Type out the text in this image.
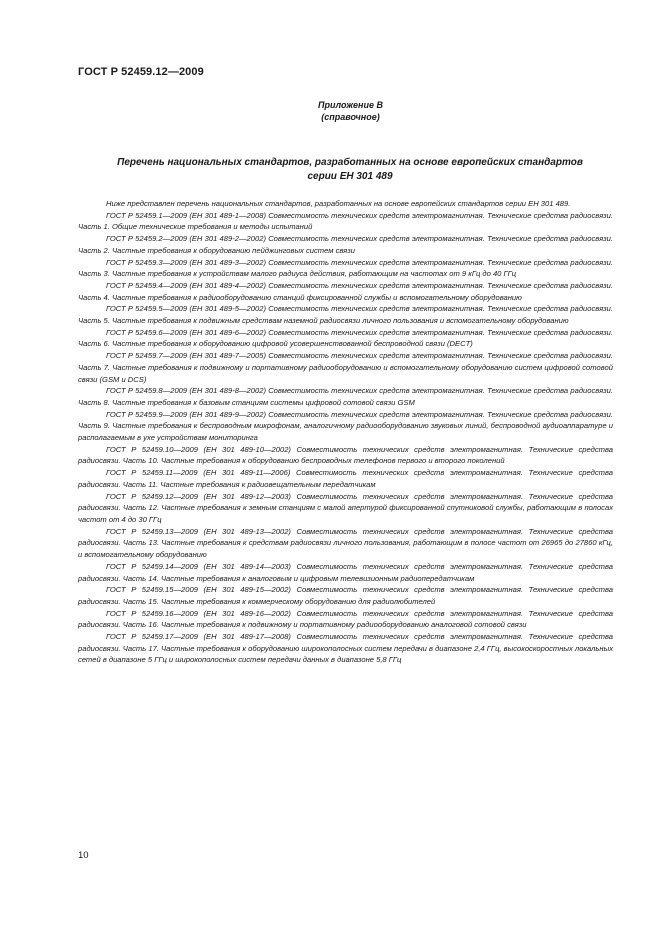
ГОСТ Р 52459.12—2009
Приложение В
(справочное)
Перечень национальных стандартов, разработанных на основе европейских стандартов
серии ЕН 301 489

Ниже представлен перечень национальных стандартов, разработанных на основе европейских стандартов серии ЕН 301 489.

ГОСТ Р 52459.1—2009 (ЕН 301 489-1—2008) Совместимость технических средств электромагнитная. Технические средства радиосвязи. Часть 1. Общие технические требования и методы испытаний

ГОСТ Р 52459.2—2009 (ЕН 301 489-2—2002) Совместимость технических средств электромагнитная. Технические средства радиосвязи. Часть 2. Частные требования к оборудованию пейджинговых систем связи

ГОСТ Р 52459.3—2009 (ЕН 301 489-3—2002) Совместимость технических средств электромагнитная. Технические средства радиосвязи. Часть 3. Частные требования к устройствам малого радиуса действия, работающим на частотах от 9 кГц до 40 ГГц

ГОСТ Р 52459.4—2009 (ЕН 301 489-4—2002) Совместимость технических средств электромагнитная. Технические средства радиосвязи. Часть 4. Частные требования к радиооборудованию станций фиксированной службы и вспомогательному оборудованию

ГОСТ Р 52459.5—2009 (ЕН 301 489-5—2002) Совместимость технических средств электромагнитная. Технические средства радиосвязи. Часть 5. Частные требования к подвижным средствам наземной радиосвязи личного пользования и вспомогательному оборудованию

ГОСТ Р 52459.6—2009 (ЕН 301 489-6—2002) Совместимость технических средств электромагнитная. Технические средства радиосвязи. Часть 6. Частные требования к оборудованию цифровой усовершенствованной беспроводной связи (DECT)

ГОСТ Р 52459.7—2009 (ЕН 301 489-7—2005) Совместимость технических средств электромагнитная. Технические средства радиосвязи. Часть 7. Частные требования к подвижному и портативному радиооборудованию и вспомогательному оборудованию систем цифровой сотовой связи (GSM и DCS)

ГОСТ Р 52459.8—2009 (ЕН 301 489-8—2002) Совместимость технических средств электромагнитная. Технические средства радиосвязи. Часть 8. Частные требования к базовым станциям системы цифровой сотовой связи GSM

ГОСТ Р 52459.9—2009 (ЕН 301 489-9—2002) Совместимость технических средств электромагнитная. Технические средства радиосвязи. Часть 9. Частные требования к беспроводным микрофонам, аналогичному радиооборудованию звуковых линий, беспроводной аудиоаппаратуре и располагаемым в ухе устройствам мониторинга

ГОСТ Р 52459.10—2009 (ЕН 301 489-10—2002) Совместимость технических средств электромагнитная. Технические средства радиосвязи. Часть 10. Частные требования к оборудованию беспроводных телефонов первого и второго поколений

ГОСТ Р 52459.11—2009 (ЕН 301 489-11—2006) Совместимость технических средств электромагнитная. Технические средства радиосвязи. Часть 11. Частные требования к радиовещательным передатчикам

ГОСТ Р 52459.12—2009 (ЕН 301 489-12—2003) Совместимость технических средств электромагнитная. Технические средства радиосвязи. Часть 12. Частные требования к земным станциям с малой апертурой фиксированной спутниковой службы, работающим в полосах частот от 4 до 30 ГГц

ГОСТ Р 52459.13—2009 (ЕН 301 489-13—2002) Совместимость технических средств электромагнитная. Технические средства радиосвязи. Часть 13. Частные требования к средствам радиосвязи личного пользования, работающим в полосе частот от 26965 до 27860 кГц, и вспомогательному оборудованию

ГОСТ Р 52459.14—2009 (ЕН 301 489-14—2003) Совместимость технических средств электромагнитная. Технические средства радиосвязи. Часть 14. Частные требования к аналоговым и цифровым телевизионным радиопередатчикам

ГОСТ Р 52459.15—2009 (ЕН 301 489-15—2002) Совместимость технических средств электромагнитная. Технические средства радиосвязи. Часть 15. Частные требования к коммерческому оборудованию для радиолюбителей

ГОСТ Р 52459.16—2009 (ЕН 301 489-16—2002) Совместимость технических средств электромагнитная. Технические средства радиосвязи. Часть 16. Частные требования к подвижному и портативному радиооборудованию аналоговой сотовой связи

ГОСТ Р 52459.17—2009 (ЕН 301 489-17—2008) Совместимость технических средств электромагнитная. Технические средства радиосвязи. Часть 17. Частные требования к оборудованию широкополосных систем передачи в диапазоне 2,4 ГГц, высокоскоростных локальных сетей в диапазоне 5 ГГц и широкополосных систем передачи данных в диапазоне 5,8 ГГц

10
